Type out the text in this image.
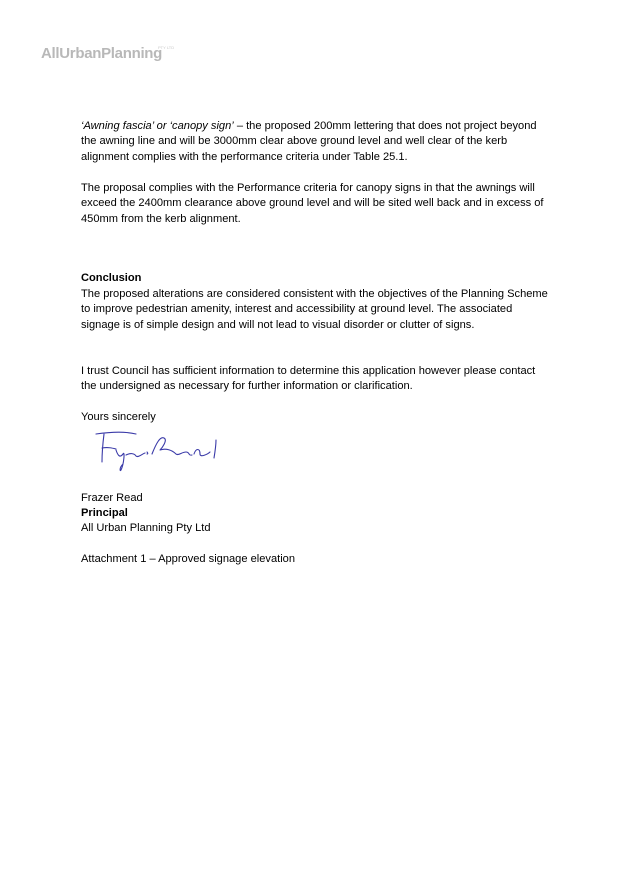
AllUrbanPlanning
PTY LTD
‘Awning fascia’ or ‘canopy sign’ – the proposed 200mm lettering that does not project beyond the awning line and will be 3000mm clear above ground level and well clear of the kerb alignment complies with the performance criteria under Table 25.1.
The proposal complies with the Performance criteria for canopy signs in that the awnings will exceed the 2400mm clearance above ground level and will be sited well back and in excess of 450mm from the kerb alignment.
Conclusion
The proposed alterations are considered consistent with the objectives of the Planning Scheme to improve pedestrian amenity, interest and accessibility at ground level. The associated signage is of simple design and will not lead to visual disorder or clutter of signs.
I trust Council has sufficient information to determine this application however please contact the undersigned as necessary for further information or clarification.
Yours sincerely
Frazer Read
Principal
All Urban Planning Pty Ltd
Attachment 1 – Approved signage elevation
